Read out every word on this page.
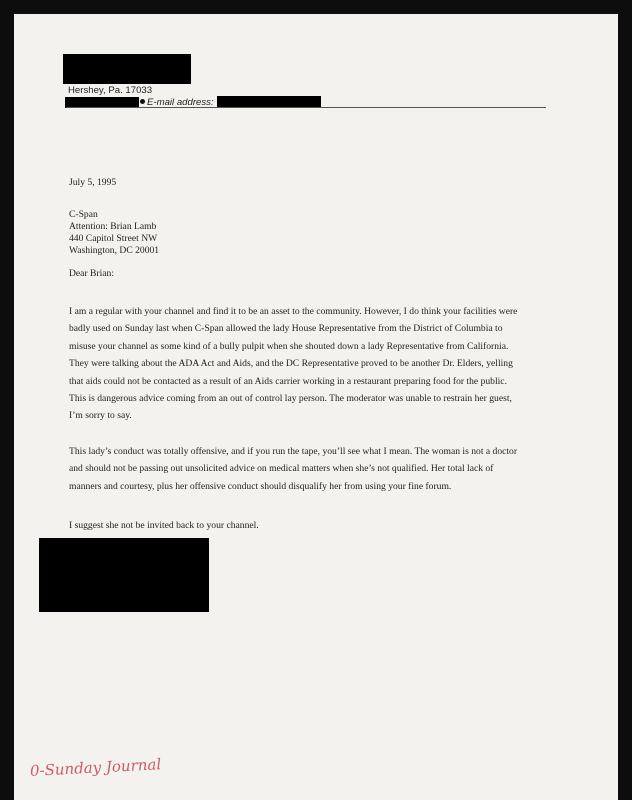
Hershey, Pa. 17033
E-mail address:
July 5, 1995
C-Span
Attention: Brian Lamb
440 Capitol Street NW
Washington, DC 20001
Dear Brian:
I am a regular with your channel and find it to be an asset to the community. However, I do think your facilities were
badly used on Sunday last when C-Span allowed the lady House Representative from the District of Columbia to
misuse your channel as some kind of a bully pulpit when she shouted down a lady Representative from California.
They were talking about the ADA Act and Aids, and the DC Representative proved to be another Dr. Elders, yelling
that aids could not be contacted as a result of an Aids carrier working in a restaurant preparing food for the public.
This is dangerous advice coming from an out of control lay person. The moderator was unable to restrain her guest,
I’m sorry to say.
This lady’s conduct was totally offensive, and if you run the tape, you’ll see what I mean. The woman is not a doctor
and should not be passing out unsolicited advice on medical matters when she’s not qualified. Her total lack of
manners and courtesy, plus her offensive conduct should disqualify her from using your fine forum.
I suggest she not be invited back to your channel.
0-Sunday Journal
